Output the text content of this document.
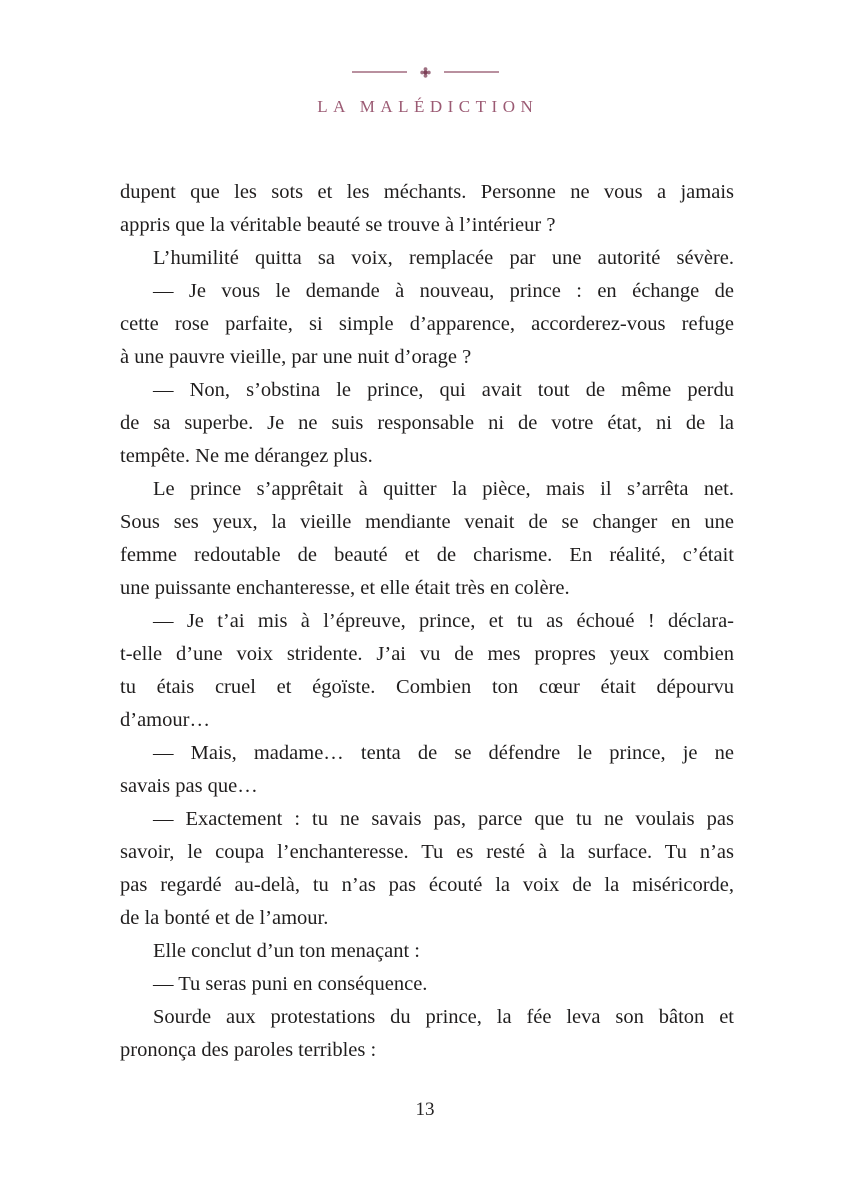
LA MALÉDICTION
dupent que les sots et les méchants. Personne ne vous a jamais
appris que la véritable beauté se trouve à l’intérieur ?
L’humilité quitta sa voix, remplacée par une autorité sévère.
— Je vous le demande à nouveau, prince : en échange de
cette rose parfaite, si simple d’apparence, accorderez-vous refuge
à une pauvre vieille, par une nuit d’orage ?
— Non, s’obstina le prince, qui avait tout de même perdu
de sa superbe. Je ne suis responsable ni de votre état, ni de la
tempête. Ne me dérangez plus.
Le prince s’apprêtait à quitter la pièce, mais il s’arrêta net.
Sous ses yeux, la vieille mendiante venait de se changer en une
femme redoutable de beauté et de charisme. En réalité, c’était
une puissante enchanteresse, et elle était très en colère.
— Je t’ai mis à l’épreuve, prince, et tu as échoué ! déclara-
t-elle d’une voix stridente. J’ai vu de mes propres yeux combien
tu étais cruel et égoïste. Combien ton cœur était dépourvu
d’amour…
— Mais, madame… tenta de se défendre le prince, je ne
savais pas que…
— Exactement : tu ne savais pas, parce que tu ne voulais pas
savoir, le coupa l’enchanteresse. Tu es resté à la surface. Tu n’as
pas regardé au-delà, tu n’as pas écouté la voix de la miséricorde,
de la bonté et de l’amour.
Elle conclut d’un ton menaçant :
— Tu seras puni en conséquence.
Sourde aux protestations du prince, la fée leva son bâton et
prononça des paroles terribles :
13
